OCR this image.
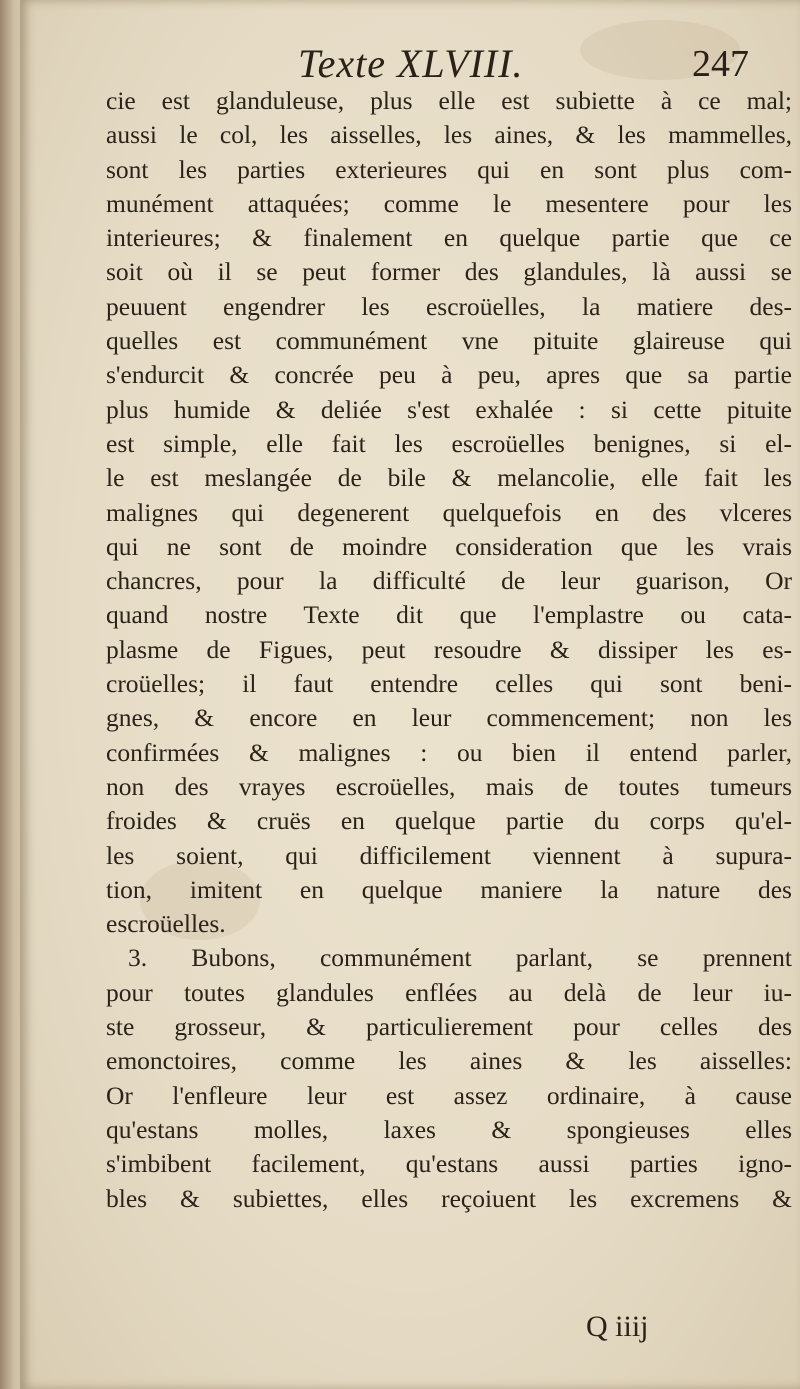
Texte XLVIII.	247
cie est glanduleuse, plus elle est subiette à ce mal;
aussi le col, les aisselles, les aines, & les mammelles,
sont les parties exterieures qui en sont plus com-
munément attaquées; comme le mesentere pour les
interieures; & finalement en quelque partie que ce
soit où il se peut former des glandules, là aussi se
peuuent engendrer les escroüelles, la matiere des-
quelles est communément vne pituite glaireuse qui
s'endurcit & concrée peu à peu, apres que sa partie
plus humide & deliée s'est exhalée : si cette pituite
est simple, elle fait les escroüelles benignes, si el-
le est meslangée de bile & melancolie, elle fait les
malignes qui degenerent quelquefois en des vlceres
qui ne sont de moindre consideration que les vrais
chancres, pour la difficulté de leur guarison, Or
quand nostre Texte dit que l'emplastre ou cata-
plasme de Figues, peut resoudre & dissiper les es-
croüelles; il faut entendre celles qui sont beni-
gnes, & encore en leur commencement; non les
confirmées & malignes : ou bien il entend parler,
non des vrayes escroüelles, mais de toutes tumeurs
froides & cruës en quelque partie du corps qu'el-
les soient, qui difficilement viennent à supura-
tion, imitent en quelque maniere la nature des
escroüelles.
3. Bubons, communément parlant, se prennent
pour toutes glandules enflées au delà de leur iu-
ste grosseur, & particulierement pour celles des
emonctoires, comme les aines & les aisselles:
Or l'enfleure leur est assez ordinaire, à cause
qu'estans molles, laxes & spongieuses elles
s'imbibent facilement, qu'estans aussi parties igno-
bles & subiettes, elles reçoiuent les excremens &
Q iiij
